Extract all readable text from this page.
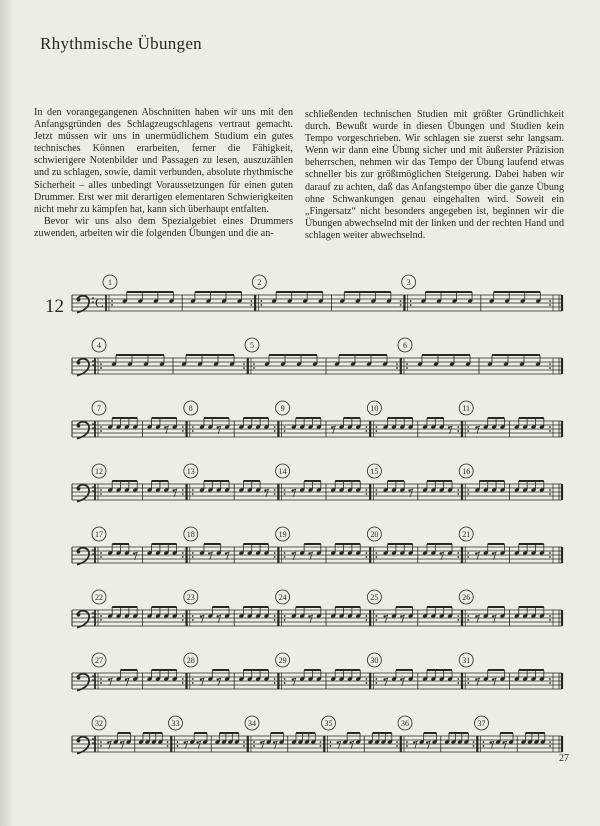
Rhythmische Übungen

In den vorangegangenen Abschnitten haben wir uns mit den Anfangsgründen des Schlagzeugschlagens vertraut gemacht. Jetzt müssen wir uns in unermüdlichem Studium ein gutes technisches Können erarbeiten, ferner die Fähigkeit, schwierigere Notenbilder und Passagen zu lesen, auszuzählen und zu schlagen, sowie, damit verbunden, absolute rhythmische Sicherheit – alles unbedingt Voraussetzungen für einen guten Drummer. Erst wer mit derartigen elementaren Schwierigkeiten nicht mehr zu kämpfen hat, kann sich überhaupt entfalten.

Bevor wir uns also dem Spezialgebiet eines Drummers zuwenden, arbeiten wir die folgenden Übungen und die an-

schließenden technischen Studien mit größter Gründlichkeit durch. Bewußt wurde in diesen Übungen und Studien kein Tempo vorgeschrieben. Wir schlagen sie zuerst sehr langsam. Wenn wir dann eine Übung sicher und mit äußerster Präzision beherrschen, nehmen wir das Tempo der Übung laufend etwas schneller bis zur größtmöglichen Steigerung. Dabei haben wir darauf zu achten, daß das Anfangstempo über die ganze Übung ohne Schwankungen genau eingehalten wird. Soweit ein „Fingersatz“ nicht besonders angegeben ist, beginnen wir die Übungen abwechselnd mit der linken und der rechten Hand und schlagen weiter abwechselnd.

12 C
1	2	3
4	5	6
7	8	9	10	11
12	13	14	15	16
17	18	19	20	21
22	23	24	25	26
27	28	29	30	31
32	33	34	35	36	37
27
